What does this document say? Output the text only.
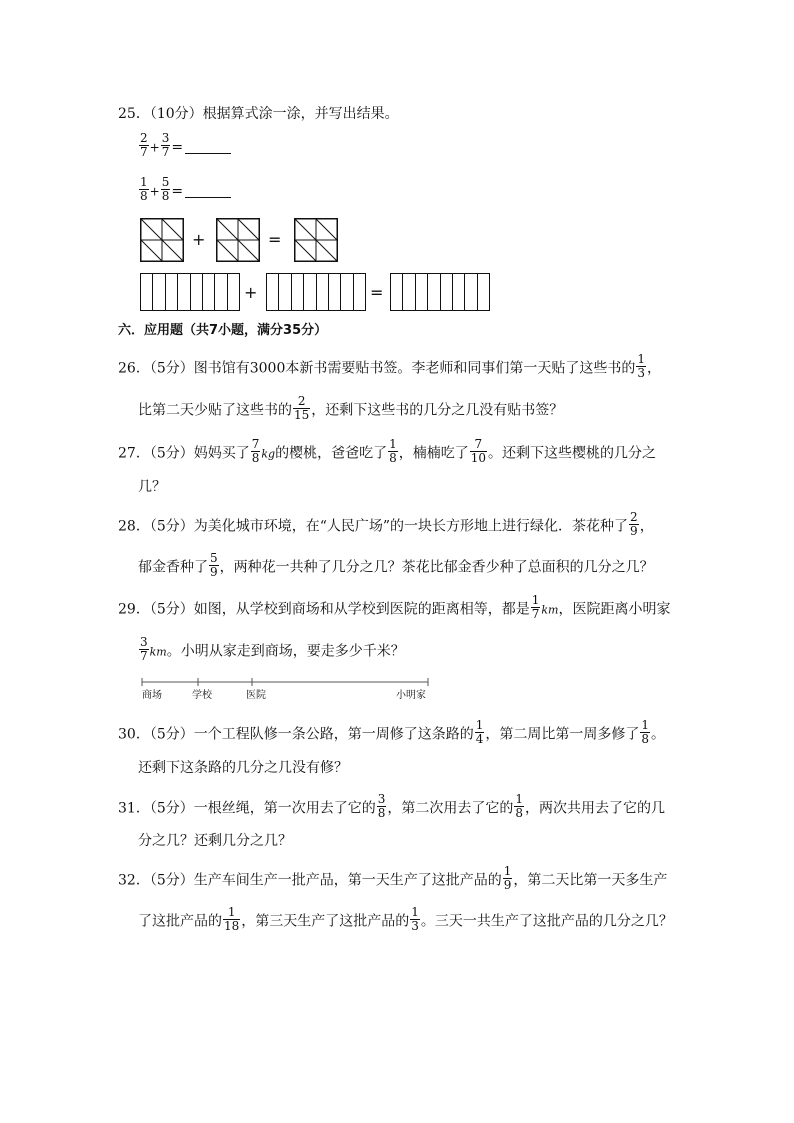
25．（10分）根据算式涂一涂，并写出结果。
$\frac{2}{7} + \frac{3}{7}$ =
$\frac{1}{8} + \frac{5}{8}$ =
+	=
+	=
六．应用题（共7小题，满分35分）
26．（5分）图书馆有3000本新书需要贴书签。李老师和同事们第一天贴了这些书的 $\frac{1}{3}$ ，
比第二天少贴了这些书的 $\frac{2}{15}$ ，还剩下这些书的几分之几没有贴书签？
27．（5分）妈妈买了 $\frac{7}{8}$ kg的樱桃，爸爸吃了 $\frac{1}{8}$ ，楠楠吃了 $\frac{7}{10}$ 。还剩下这些樱桃的几分之
几？
28．（5分）为美化城市环境，在“人民广场”的一块长方形地上进行绿化．茶花种了 $\frac{2}{9}$ ，
郁金香种了 $\frac{5}{9}$ ，两种花一共种了几分之几？茶花比郁金香少种了总面积的几分之几？
29．（5分）如图，从学校到商场和从学校到医院的距离相等，都是 $\frac{1}{7}$ km，医院距离小明家
$\frac{3}{7}$ km。小明从家走到商场，要走多少千米？
商场	学校	医院	小明家
30．（5分）一个工程队修一条公路，第一周修了这条路的 $\frac{1}{4}$ ，第二周比第一周多修了 $\frac{1}{8}$ 。
还剩下这条路的几分之几没有修？
31．（5分）一根丝绳，第一次用去了它的 $\frac{3}{8}$ ，第二次用去了它的 $\frac{1}{8}$ ，两次共用去了它的几
分之几？还剩几分之几？
32．（5分）生产车间生产一批产品，第一天生产了这批产品的 $\frac{1}{9}$ ，第二天比第一天多生产
了这批产品的 $\frac{1}{18}$ ，第三天生产了这批产品的 $\frac{1}{3}$ 。三天一共生产了这批产品的几分之几？
